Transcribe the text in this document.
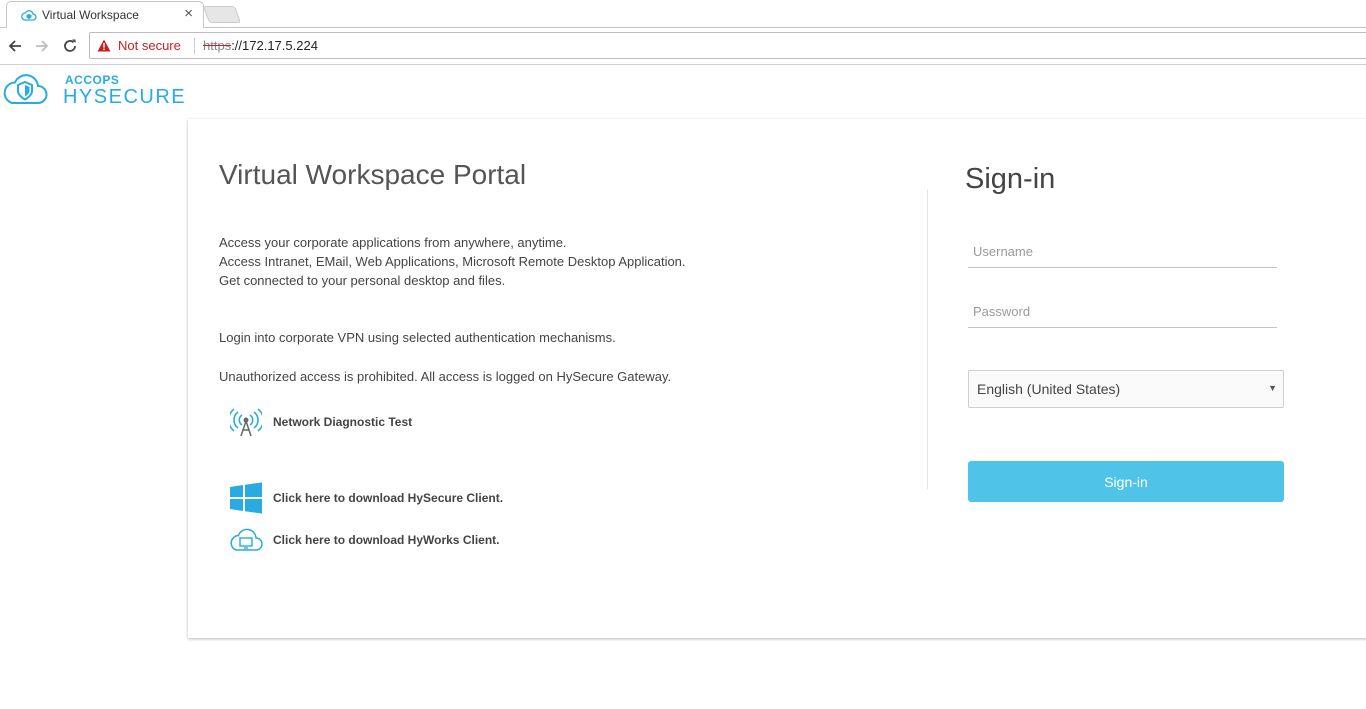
Virtual Workspace	×
Not secure https://172.17.5.224
ACCOPS
HYSECURE
Virtual Workspace Portal
Access your corporate applications from anywhere, anytime.
Access Intranet, EMail, Web Applications, Microsoft Remote Desktop Application.
Get connected to your personal desktop and files.
Login into corporate VPN using selected authentication mechanisms.
Unauthorized access is prohibited. All access is logged on HySecure Gateway.
Network Diagnostic Test
Click here to download HySecure Client.
Click here to download HyWorks Client.
Sign-in
Username
English (United States)	▼
Sign-in
